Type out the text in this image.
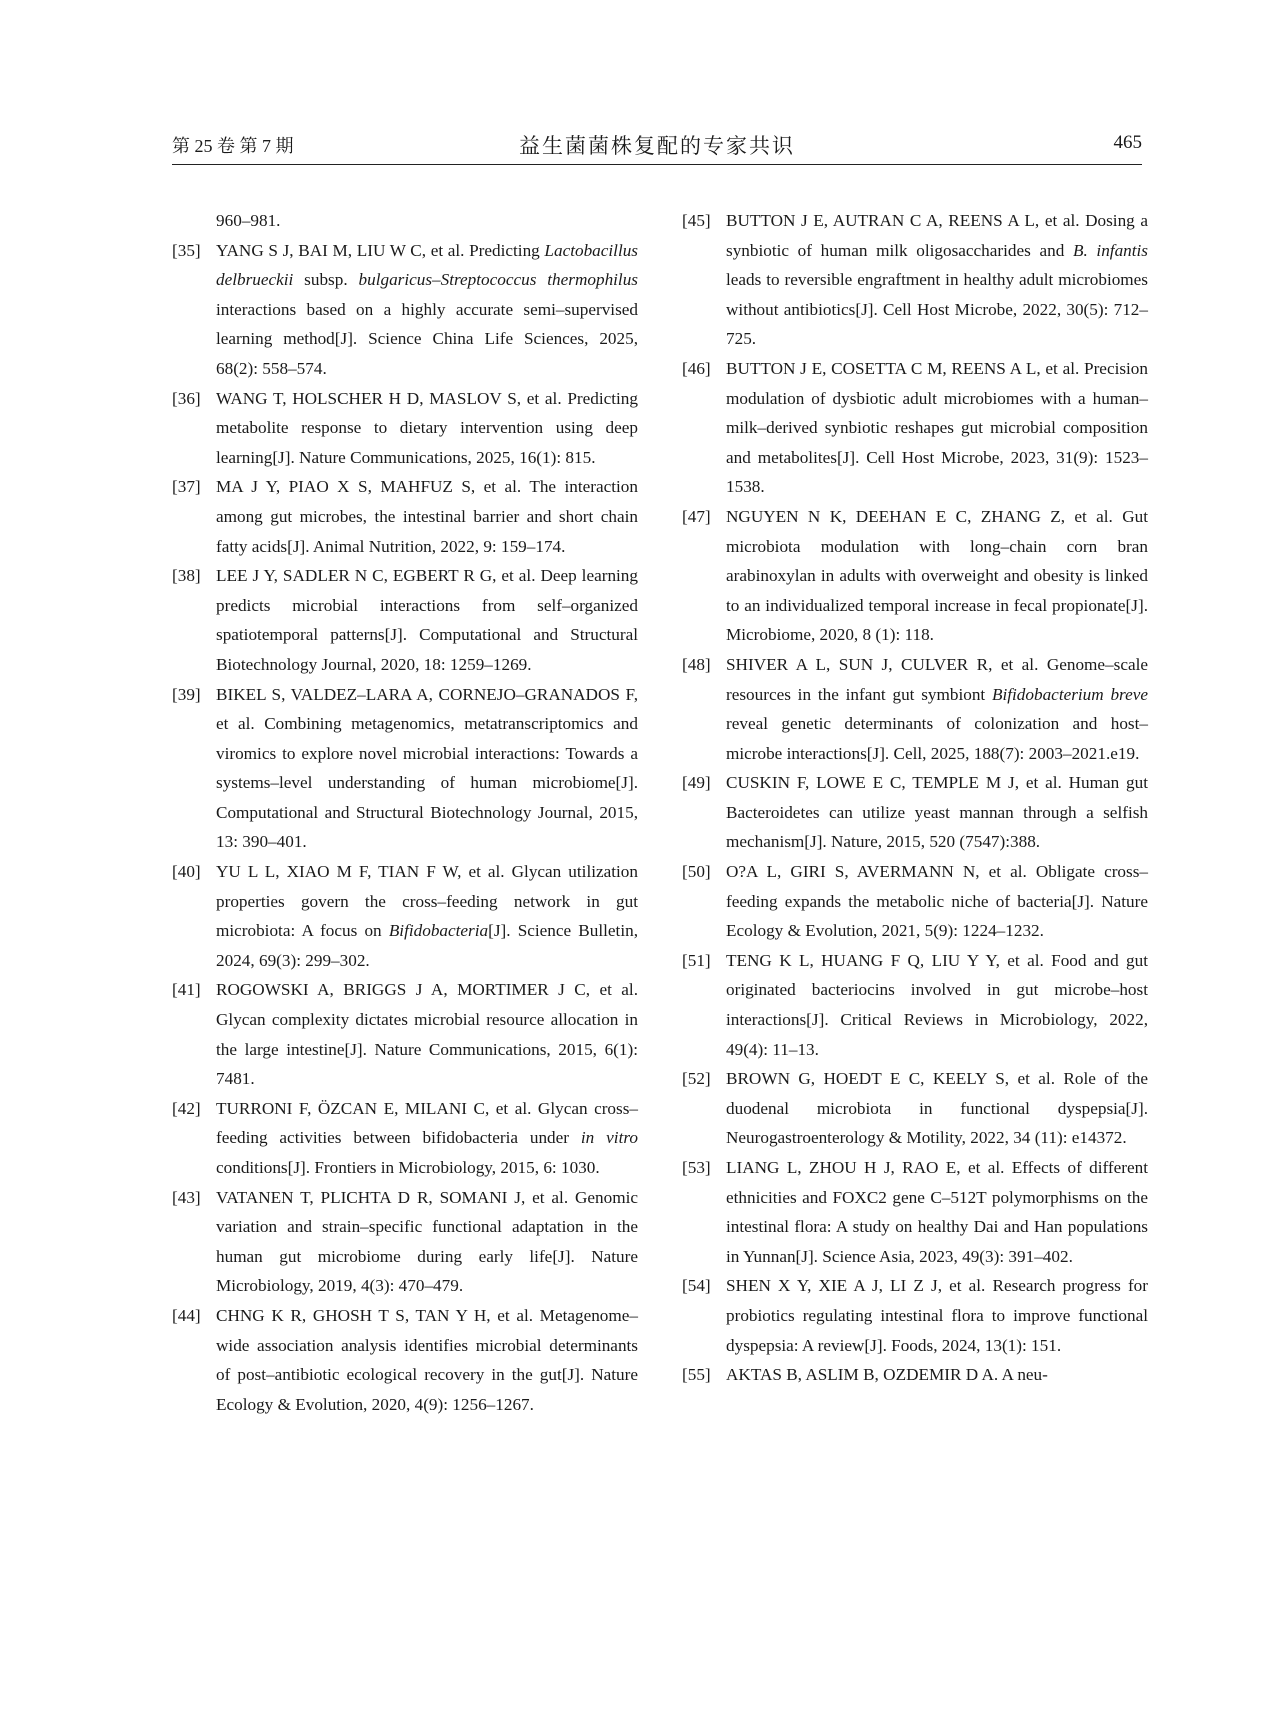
第 25 卷 第 7 期	益生菌菌株复配的专家共识	465
960–981.
[35] YANG S J, BAI M, LIU W C, et al. Predicting Lactobacillus delbrueckii subsp. bulgaricus–Streptococcus thermophilus interactions based on a highly accurate semi–supervised learning method[J]. Science China Life Sciences, 2025, 68(2): 558–574.
[36] WANG T, HOLSCHER H D, MASLOV S, et al. Predicting metabolite response to dietary intervention using deep learning[J]. Nature Communications, 2025, 16(1): 815.
[37] MA J Y, PIAO X S, MAHFUZ S, et al. The interaction among gut microbes, the intestinal barrier and short chain fatty acids[J]. Animal Nutrition, 2022, 9: 159–174.
[38] LEE J Y, SADLER N C, EGBERT R G, et al. Deep learning predicts microbial interactions from self–organized spatiotemporal patterns[J]. Computational and Structural Biotechnology Journal, 2020, 18: 1259–1269.
[39] BIKEL S, VALDEZ–LARA A, CORNEJO–GRANADOS F, et al. Combining metagenomics, metatranscriptomics and viromics to explore novel microbial interactions: Towards a systems–level understanding of human microbiome[J]. Computational and Structural Biotechnology Journal, 2015, 13: 390–401.
[40] YU L L, XIAO M F, TIAN F W, et al. Glycan utilization properties govern the cross–feeding network in gut microbiota: A focus on Bifidobacteria[J]. Science Bulletin, 2024, 69(3): 299–302.
[41] ROGOWSKI A, BRIGGS J A, MORTIMER J C, et al. Glycan complexity dictates microbial resource allocation in the large intestine[J]. Nature Communications, 2015, 6(1): 7481.
[42] TURRONI F, ÖZCAN E, MILANI C, et al. Glycan cross–feeding activities between bifidobacteria under in vitro conditions[J]. Frontiers in Microbiology, 2015, 6: 1030.
[43] VATANEN T, PLICHTA D R, SOMANI J, et al. Genomic variation and strain–specific functional adaptation in the human gut microbiome during early life[J]. Nature Microbiology, 2019, 4(3): 470–479.
[44] CHNG K R, GHOSH T S, TAN Y H, et al. Metagenome–wide association analysis identifies microbial determinants of post–antibiotic ecological recovery in the gut[J]. Nature Ecology & Evolution, 2020, 4(9): 1256–1267.
[45] BUTTON J E, AUTRAN C A, REENS A L, et al. Dosing a synbiotic of human milk oligosaccharides and B. infantis leads to reversible engraftment in healthy adult microbiomes without antibiotics[J]. Cell Host Microbe, 2022, 30(5): 712–725.
[46] BUTTON J E, COSETTA C M, REENS A L, et al. Precision modulation of dysbiotic adult microbiomes with a human–milk–derived synbiotic reshapes gut microbial composition and metabolites[J]. Cell Host Microbe, 2023, 31(9): 1523–1538.
[47] NGUYEN N K, DEEHAN E C, ZHANG Z, et al. Gut microbiota modulation with long–chain corn bran arabinoxylan in adults with overweight and obesity is linked to an individualized temporal increase in fecal propionate[J]. Microbiome, 2020, 8 (1): 118.
[48] SHIVER A L, SUN J, CULVER R, et al. Genome–scale resources in the infant gut symbiont Bifidobacterium breve reveal genetic determinants of colonization and host–microbe interactions[J]. Cell, 2025, 188(7): 2003–2021.e19.
[49] CUSKIN F, LOWE E C, TEMPLE M J, et al. Human gut Bacteroidetes can utilize yeast mannan through a selfish mechanism[J]. Nature, 2015, 520 (7547):388.
[50] O?A L, GIRI S, AVERMANN N, et al. Obligate cross–feeding expands the metabolic niche of bacteria[J]. Nature Ecology & Evolution, 2021, 5(9): 1224–1232.
[51] TENG K L, HUANG F Q, LIU Y Y, et al. Food and gut originated bacteriocins involved in gut microbe–host interactions[J]. Critical Reviews in Microbiology, 2022, 49(4): 11–13.
[52] BROWN G, HOEDT E C, KEELY S, et al. Role of the duodenal microbiota in functional dyspepsia[J]. Neurogastroenterology & Motility, 2022, 34 (11): e14372.
[53] LIANG L, ZHOU H J, RAO E, et al. Effects of different ethnicities and FOXC2 gene C–512T polymorphisms on the intestinal flora: A study on healthy Dai and Han populations in Yunnan[J]. Science Asia, 2023, 49(3): 391–402.
[54] SHEN X Y, XIE A J, LI Z J, et al. Research progress for probiotics regulating intestinal flora to improve functional dyspepsia: A review[J]. Foods, 2024, 13(1): 151.
[55] AKTAS B, ASLIM B, OZDEMIR D A. A neu-
